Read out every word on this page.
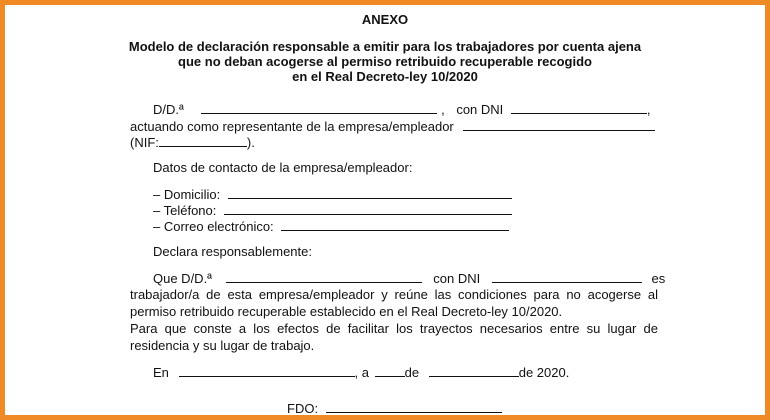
ANEXO
Modelo de declaración responsable a emitir para los trabajadores por cuenta ajena
que no deban acogerse al permiso retribuido recuperable recogido
en el Real Decreto-ley 10/2020
D/D.ª	, con DNI	,
actuando como representante de la empresa/empleador
(NIF:	).
Datos de contacto de la empresa/empleador:
– Domicilio:
– Teléfono:
– Correo electrónico:
Declara responsablemente:
Que D/D.ª	con DNI	es
trabajador/a de esta empresa/empleador y reúne las condiciones para no acogerse al permiso retribuido recuperable establecido en el Real Decreto-ley 10/2020.
Para que conste a los efectos de facilitar los trayectos necesarios entre su lugar de residencia y su lugar de trabajo.
En	, a	de	de 2020.
FDO:
